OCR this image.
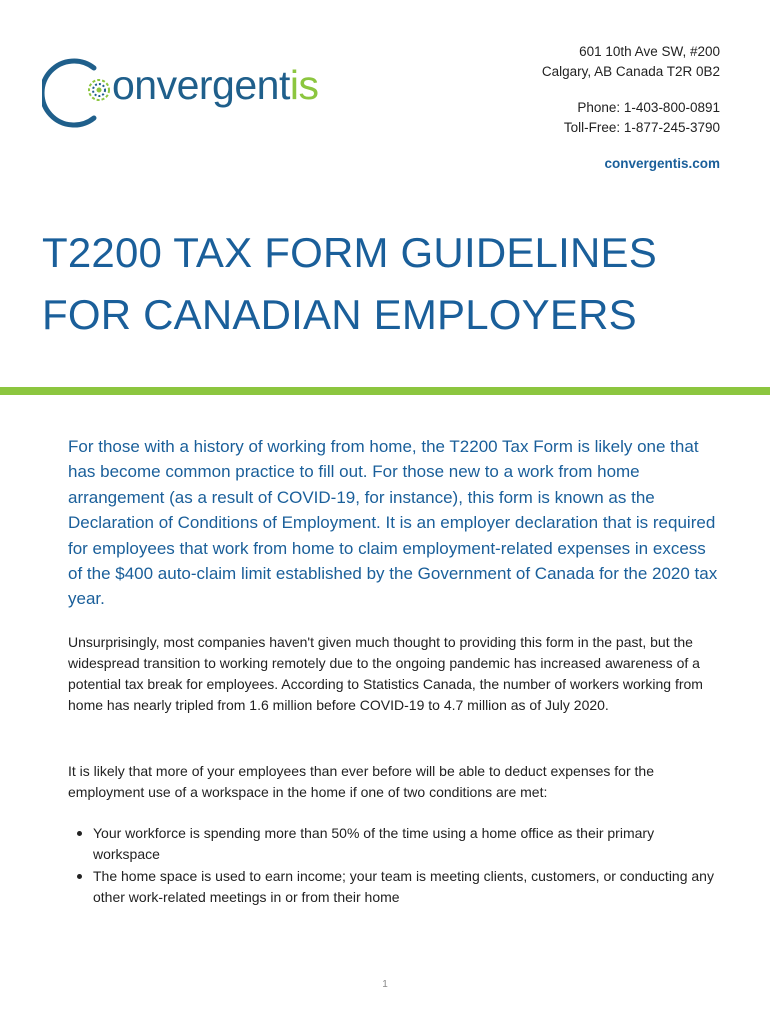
onvergentis
601 10th Ave SW, #200
Calgary, AB Canada T2R 0B2
Phone: 1-403-800-0891
Toll-Free: 1-877-245-3790
convergentis.com
T2200 TAX FORM GUIDELINES
FOR CANADIAN EMPLOYERS

For those with a history of working from home, the T2200 Tax Form is likely one that has become common practice to fill out. For those new to a work from home arrangement (as a result of COVID-19, for instance), this form is known as the Declaration of Conditions of Employment. It is an employer declaration that is required for employees that work from home to claim employment-related expenses in excess of the $400 auto-claim limit established by the Government of Canada for the 2020 tax year.

Unsurprisingly, most companies haven't given much thought to providing this form in the past, but the widespread transition to working remotely due to the ongoing pandemic has increased awareness of a potential tax break for employees. According to Statistics Canada, the number of workers working from home has nearly tripled from 1.6 million before COVID-19 to 4.7 million as of July 2020.

It is likely that more of your employees than ever before will be able to deduct expenses for the employment use of a workspace in the home if one of two conditions are met:

Your workforce is spending more than 50% of the time using a home office as their primary workspace
The home space is used to earn income; your team is meeting clients, customers, or conducting any other work-related meetings in or from their home
1
